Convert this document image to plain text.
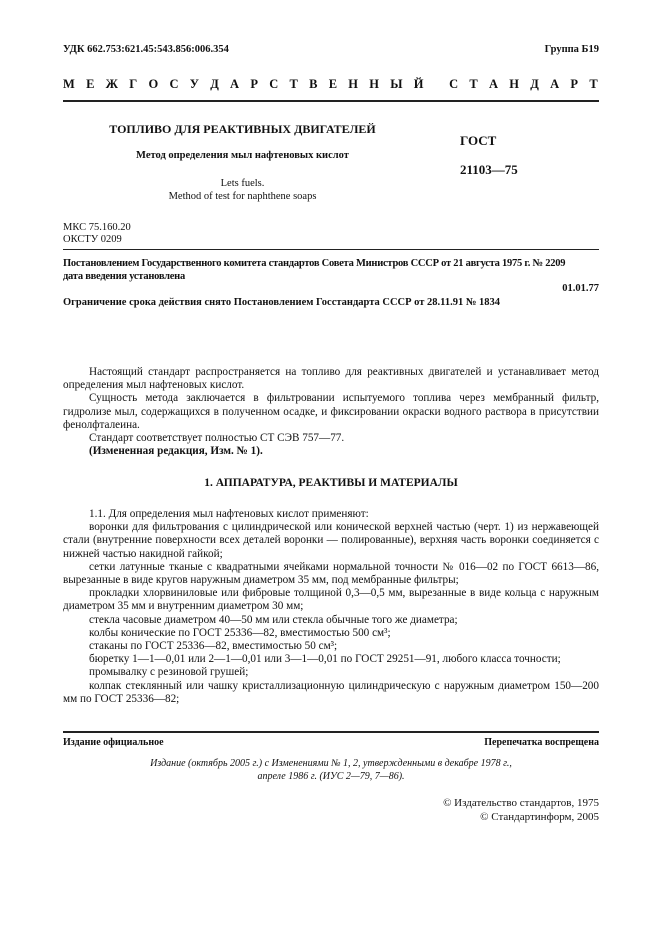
УДК 662.753:621.45:543.856:006.354	Группа Б19
М Е Ж Г О С У Д А Р С Т В Е Н Н Ы Й
С Т А Н Д А Р Т
ТОПЛИВО ДЛЯ РЕАКТИВНЫХ ДВИГАТЕЛЕЙ
Метод определения мыл нафтеновых кислот
Lets fuels.
Method of test for naphthene soaps
ГОСТ
21103—75
МКС 75.160.20
ОКСТУ 0209
Постановлением Государственного комитета стандартов Совета Министров СССР от 21 августа 1975 г. № 2209
дата введения установлена
01.01.77
Ограничение срока действия снято Постановлением Госстандарта СССР от 28.11.91 № 1834
Настоящий стандарт распространяется на топливо для реактивных двигателей и устанавливает метод определения мыл нафтеновых кислот.
Сущность метода заключается в фильтровании испытуемого топлива через мембранный фильтр, гидролизе мыл, содержащихся в полученном осадке, и фиксировании окраски водного раствора в присутствии фенолфталеина.
Стандарт соответствует полностью СТ СЭВ 757—77.
(Измененная редакция, Изм. № 1).
1. АППАРАТУРА, РЕАКТИВЫ И МАТЕРИАЛЫ
1.1. Для определения мыл нафтеновых кислот применяют:
воронки для фильтрования с цилиндрической или конической верхней частью (черт. 1) из нержавеющей стали (внутренние поверхности всех деталей воронки — полированные), верхняя часть воронки соединяется с нижней частью накидной гайкой;
сетки латунные тканые с квадратными ячейками нормальной точности № 016—02 по ГОСТ 6613—86, вырезанные в виде кругов наружным диаметром 35 мм, под мембранные фильтры;
прокладки хлорвиниловые или фибровые толщиной 0,3—0,5 мм, вырезанные в виде кольца с наружным диаметром 35 мм и внутренним диаметром 30 мм;
стекла часовые диаметром 40—50 мм или стекла обычные того же диаметра;
колбы конические по ГОСТ 25336—82, вместимостью 500 см³;
стаканы по ГОСТ 25336—82, вместимостью 50 см³;
бюретку 1—1—0,01 или 2—1—0,01 или 3—1—0,01 по ГОСТ 29251—91, любого класса точности;
промывалку с резиновой грушей;
колпак стеклянный или чашку кристаллизационную цилиндрическую с наружным диаметром 150—200 мм по ГОСТ 25336—82;
Издание официальное	Перепечатка воспрещена
Издание (октябрь 2005 г.) с Изменениями № 1, 2, утвержденными в декабре 1978 г.,
апреле 1986 г. (ИУС 2—79, 7—86).
© Издательство стандартов, 1975
© Стандартинформ, 2005
